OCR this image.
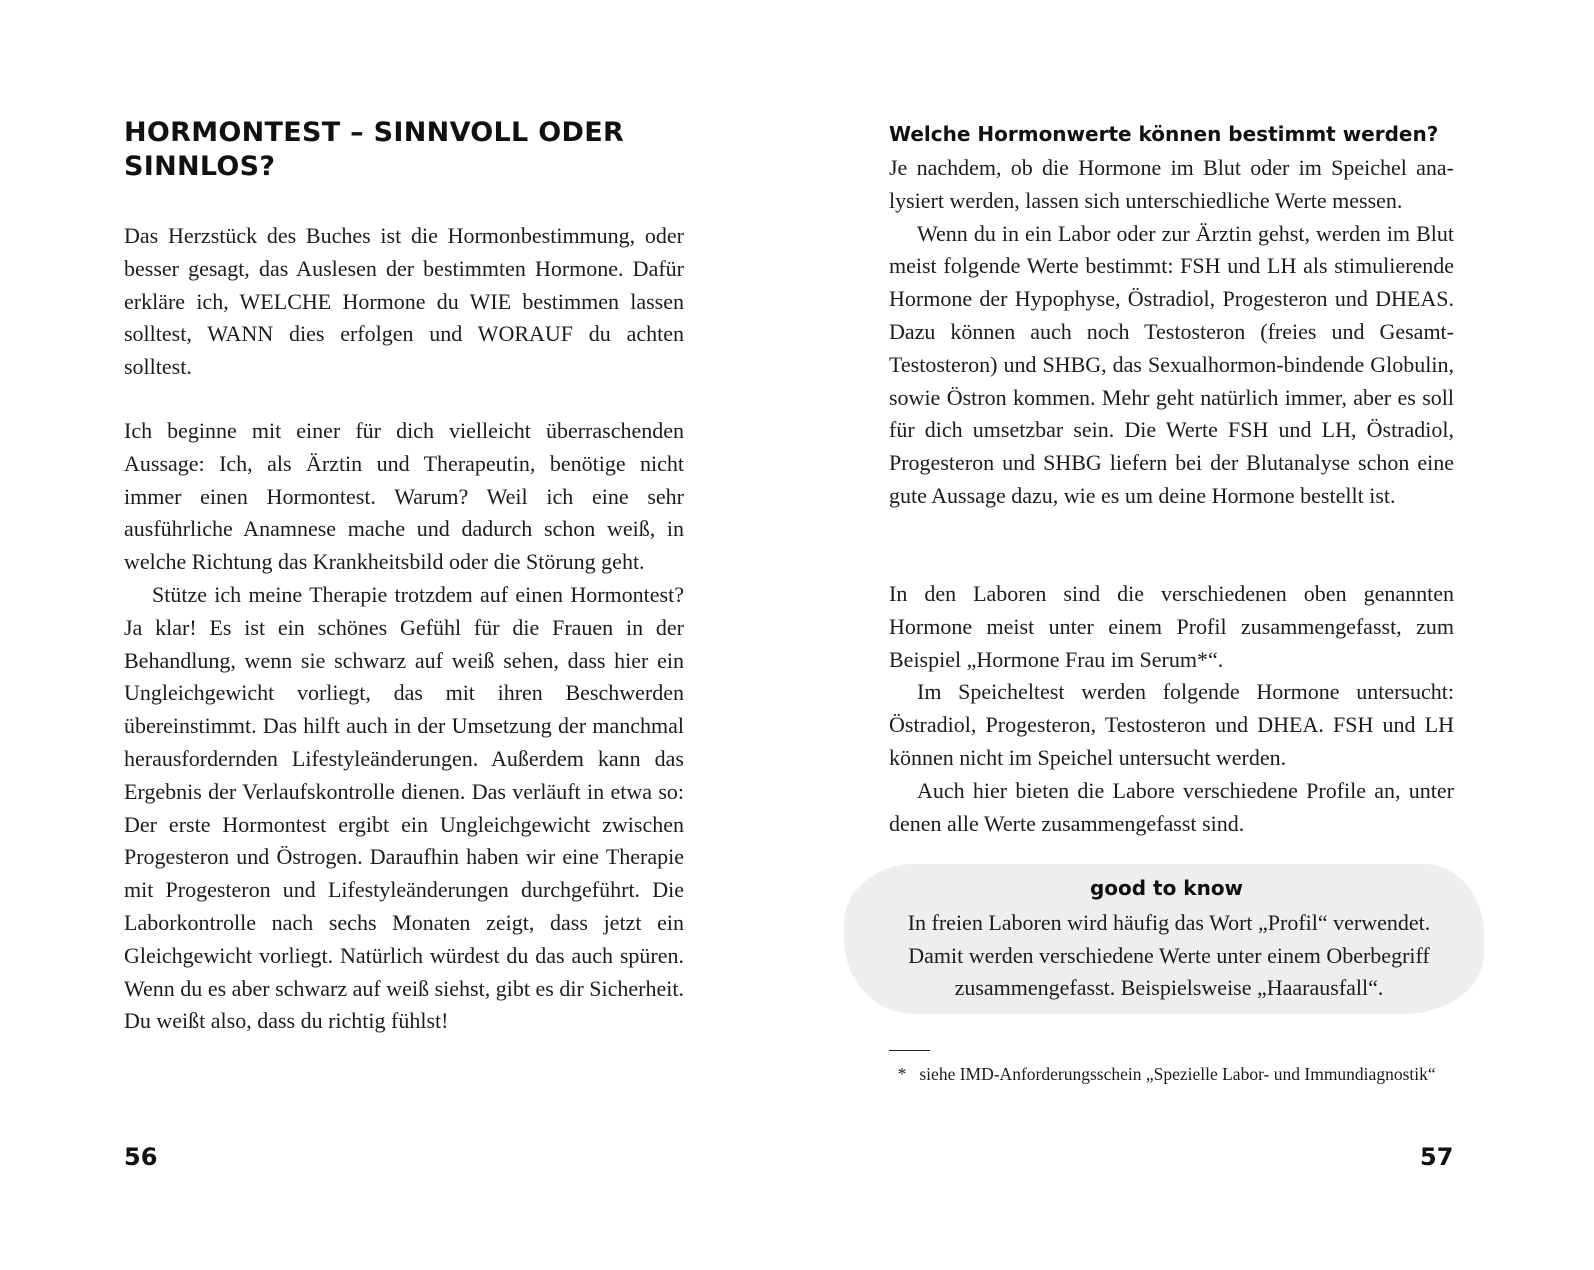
HORMONTEST – SINNVOLL ODER
SINNLOS?

Das Herzstück des Buches ist die Hormonbestimmung, oder besser gesagt, das Auslesen der bestimmten Hormone. Dafür erkläre ich, WELCHE Hormone du WIE bestimmen lassen solltest, WANN dies erfolgen und WORAUF du achten solltest.

Ich beginne mit einer für dich vielleicht überraschenden Aussage: Ich, als Ärztin und Therapeutin, benötige nicht immer einen Hormontest. Warum? Weil ich eine sehr ausführliche Anamnese mache und dadurch schon weiß, in welche Richtung das Krankheitsbild oder die Störung geht.

Stütze ich meine Therapie trotzdem auf einen Hormontest? Ja klar! Es ist ein schönes Gefühl für die Frauen in der Behandlung, wenn sie schwarz auf weiß sehen, dass hier ein Ungleichgewicht vorliegt, das mit ihren Beschwerden übereinstimmt. Das hilft auch in der Umsetzung der manchmal herausfordernden Lifestyleänderungen. Außerdem kann das Ergebnis der Verlaufskontrolle dienen. Das verläuft in etwa so: Der erste Hormontest ergibt ein Ungleichgewicht zwischen Progesteron und Östrogen. Daraufhin haben wir eine Therapie mit Progesteron und Lifestyleänderungen durchgeführt. Die Laborkontrolle nach sechs Monaten zeigt, dass jetzt ein Gleichgewicht vorliegt. Natürlich würdest du das auch spüren. Wenn du es aber schwarz auf weiß siehst, gibt es dir Sicherheit. Du weißt also, dass du richtig fühlst!

56
Welche Hormonwerte können bestimmt werden?

Je nachdem, ob die Hormone im Blut oder im Speichel analysiert werden, lassen sich unterschiedliche Werte messen.

Wenn du in ein Labor oder zur Ärztin gehst, werden im Blut meist folgende Werte bestimmt: FSH und LH als stimulierende Hormone der Hypophyse, Östradiol, Progesteron und DHEAS. Dazu können auch noch Testosteron (freies und Gesamt-Testosteron) und SHBG, das Sexualhormon-bindende Globulin, sowie Östron kommen. Mehr geht natürlich immer, aber es soll für dich umsetzbar sein. Die Werte FSH und LH, Östradiol, Progesteron und SHBG liefern bei der Blutanalyse schon eine gute Aussage dazu, wie es um deine Hormone bestellt ist.

In den Laboren sind die verschiedenen oben genannten Hormone meist unter einem Profil zusammengefasst, zum Beispiel „Hormone Frau im Serum*“.

Im Speicheltest werden folgende Hormone untersucht: Östradiol, Progesteron, Testosteron und DHEA. FSH und LH können nicht im Speichel untersucht werden.

Auch hier bieten die Labore verschiedene Profile an, unter denen alle Werte zusammengefasst sind.

good to know
In freien Laboren wird häufig das Wort „Profil“ verwendet. Damit werden verschiedene Werte unter einem Oberbegriff zusammengefasst. Beispielsweise „Haarausfall“.
* siehe IMD-Anforderungsschein „Spezielle Labor- und Immundiagnostik“
57
